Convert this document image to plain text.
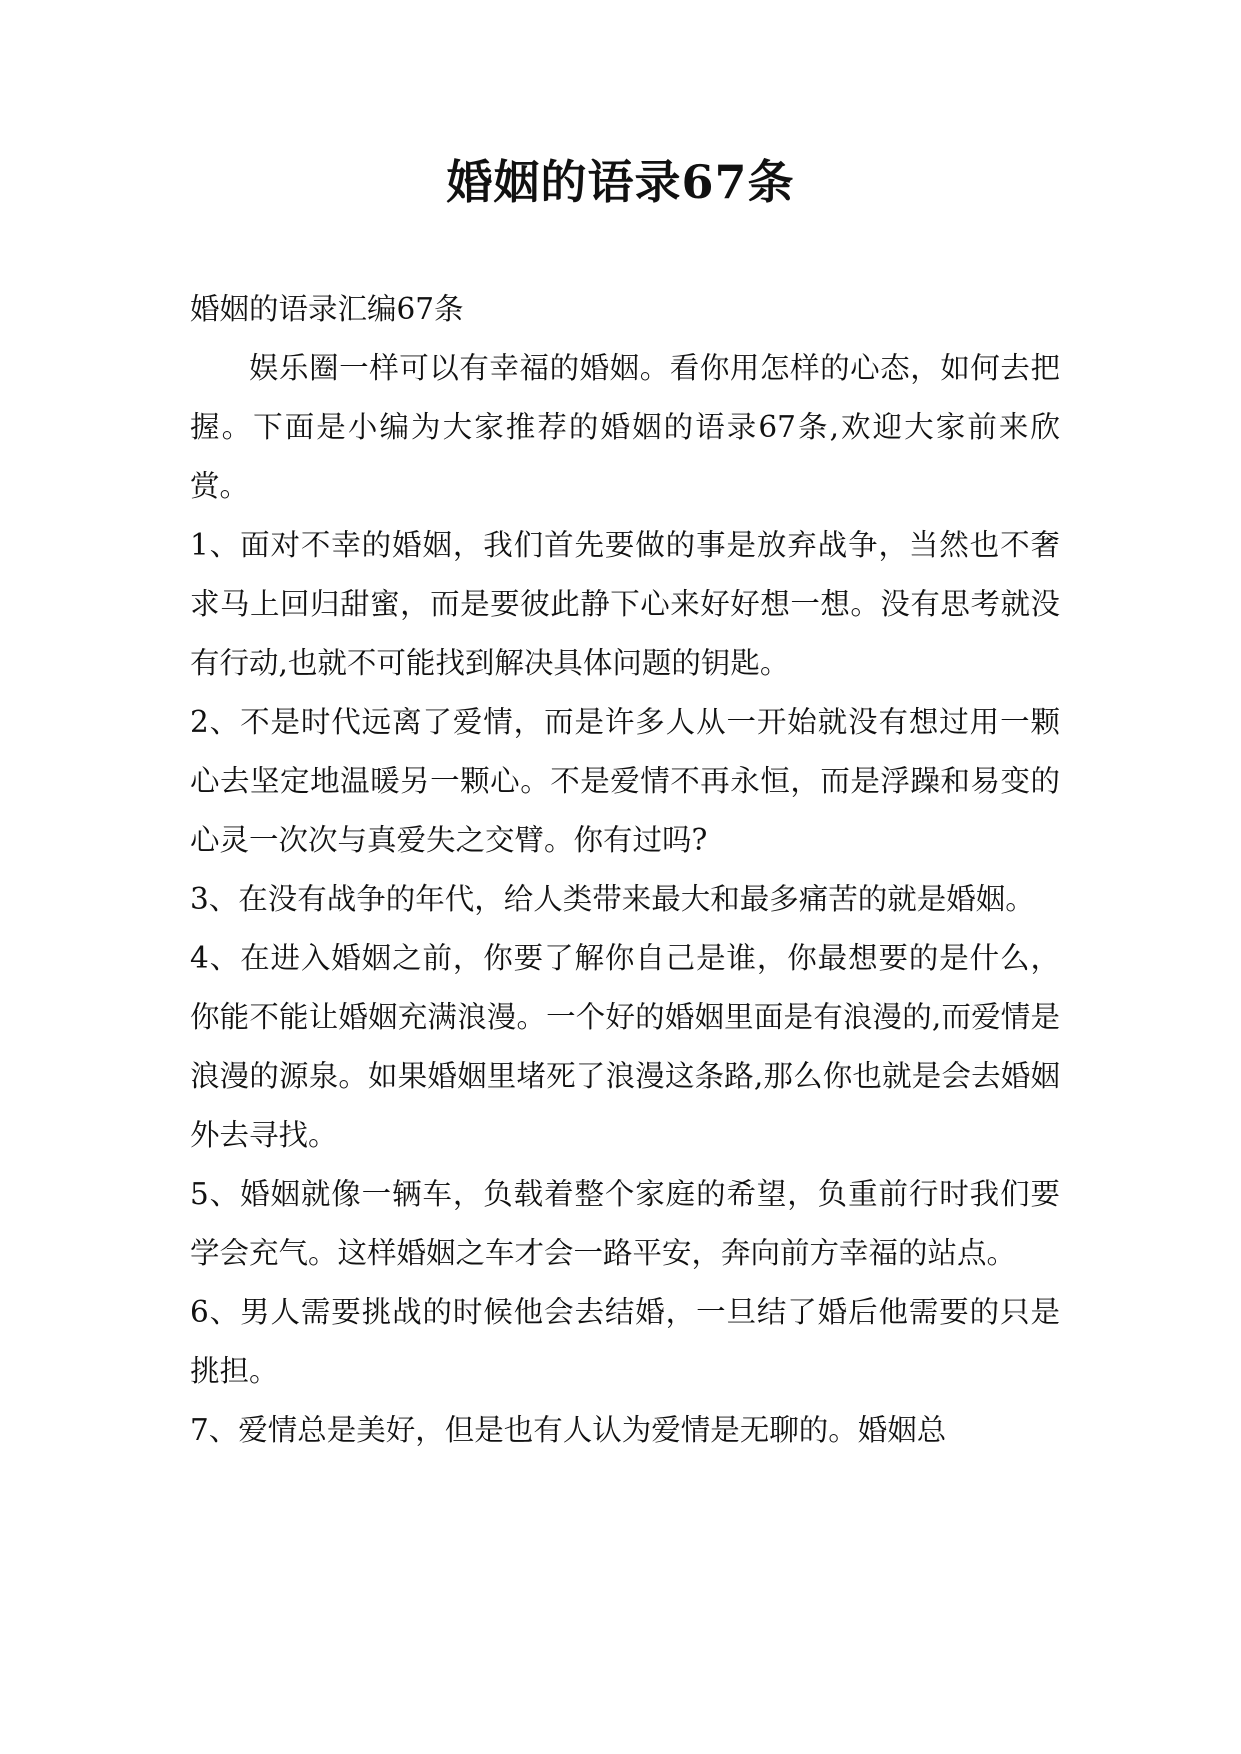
婚姻的语录67条

婚姻的语录汇编67条

娱乐圈一样可以有幸福的婚姻。看你用怎样的心态，如何去把握。下面是小编为大家推荐的婚姻的语录67条,欢迎大家前来欣赏。

1、面对不幸的婚姻，我们首先要做的事是放弃战争，当然也不奢求马上回归甜蜜，而是要彼此静下心来好好想一想。没有思考就没有行动,也就不可能找到解决具体问题的钥匙。

2、不是时代远离了爱情，而是许多人从一开始就没有想过用一颗心去坚定地温暖另一颗心。不是爱情不再永恒，而是浮躁和易变的心灵一次次与真爱失之交臂。你有过吗?

3、在没有战争的年代，给人类带来最大和最多痛苦的就是婚姻。

4、在进入婚姻之前，你要了解你自己是谁，你最想要的是什么，你能不能让婚姻充满浪漫。一个好的婚姻里面是有浪漫的,而爱情是浪漫的源泉。如果婚姻里堵死了浪漫这条路,那么你也就是会去婚姻外去寻找。

5、婚姻就像一辆车，负载着整个家庭的希望，负重前行时我们要学会充气。这样婚姻之车才会一路平安，奔向前方幸福的站点。

6、男人需要挑战的时候他会去结婚，一旦结了婚后他需要的只是挑担。

7、爱情总是美好，但是也有人认为爱情是无聊的。婚姻总
